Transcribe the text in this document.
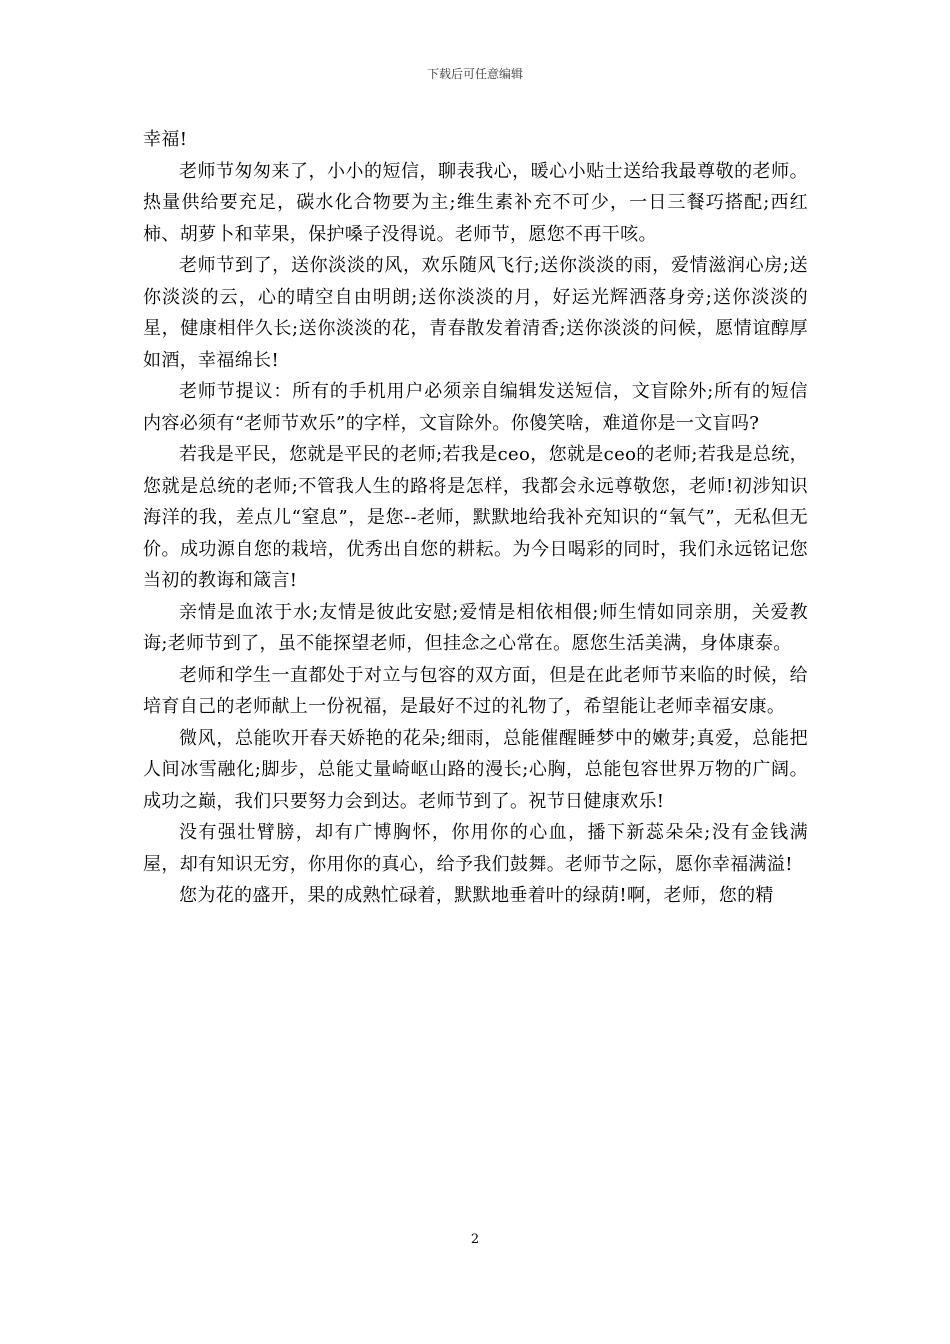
下载后可任意编辑

幸福!

老师节匆匆来了，小小的短信，聊表我心，暖心小贴士送给我最尊敬的老师。热量供给要充足，碳水化合物要为主;维生素补充不可少，一日三餐巧搭配;西红柿、胡萝卜和苹果，保护嗓子没得说。老师节，愿您不再干咳。

老师节到了，送你淡淡的风，欢乐随风飞行;送你淡淡的雨，爱情滋润心房;送你淡淡的云，心的晴空自由明朗;送你淡淡的月，好运光辉洒落身旁;送你淡淡的星，健康相伴久长;送你淡淡的花，青春散发着清香;送你淡淡的问候，愿情谊醇厚如酒，幸福绵长!

老师节提议：所有的手机用户必须亲自编辑发送短信，文盲除外;所有的短信内容必须有“老师节欢乐”的字样，文盲除外。你傻笑啥，难道你是一文盲吗?

若我是平民，您就是平民的老师;若我是ceo，您就是ceo的老师;若我是总统，您就是总统的老师;不管我人生的路将是怎样，我都会永远尊敬您，老师!初涉知识海洋的我，差点儿“窒息”，是您--老师，默默地给我补充知识的“氧气”，无私但无价。成功源自您的栽培，优秀出自您的耕耘。为今日喝彩的同时，我们永远铭记您当初的教诲和箴言!

亲情是血浓于水;友情是彼此安慰;爱情是相依相偎;师生情如同亲朋，关爱教诲;老师节到了，虽不能探望老师，但挂念之心常在。愿您生活美满，身体康泰。

老师和学生一直都处于对立与包容的双方面，但是在此老师节来临的时候，给培育自己的老师献上一份祝福，是最好不过的礼物了，希望能让老师幸福安康。

微风，总能吹开春天娇艳的花朵;细雨，总能催醒睡梦中的嫩芽;真爱，总能把人间冰雪融化;脚步，总能丈量崎岖山路的漫长;心胸，总能包容世界万物的广阔。成功之巅，我们只要努力会到达。老师节到了。祝节日健康欢乐!

没有强壮臂膀，却有广博胸怀，你用你的心血，播下新蕊朵朵;没有金钱满屋，却有知识无穷，你用你的真心，给予我们鼓舞。老师节之际，愿你幸福满溢!

您为花的盛开，果的成熟忙碌着，默默地垂着叶的绿荫!啊，老师，您的精

2
